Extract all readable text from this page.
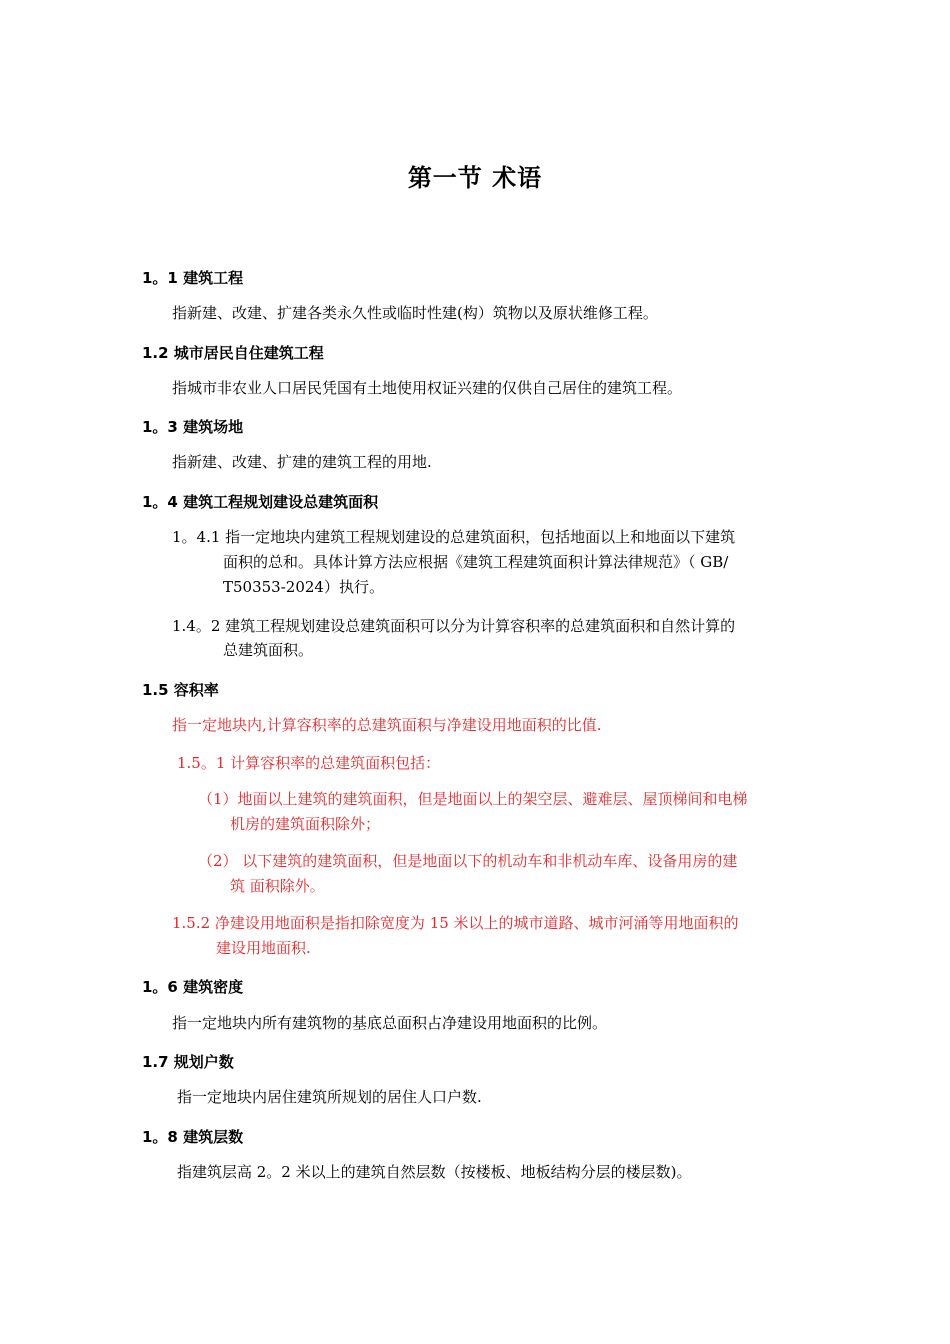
第一节 术语
1。1 建筑工程
指新建、改建、扩建各类永久性或临时性建(构）筑物以及原状维修工程。
1.2 城市居民自住建筑工程
指城市非农业人口居民凭国有土地使用权证兴建的仅供自己居住的建筑工程。
1。3 建筑场地
指新建、改建、扩建的建筑工程的用地.
1。4 建筑工程规划建设总建筑面积
1。4.1 指一定地块内建筑工程规划建设的总建筑面积，包括地面以上和地面以下建筑
面积的总和。具体计算方法应根据《建筑工程建筑面积计算法律规范》（ GB/
T50353-2024）执行。
1.4。2 建筑工程规划建设总建筑面积可以分为计算容积率的总建筑面积和自然计算的
总建筑面积。
1.5 容积率
指一定地块内,计算容积率的总建筑面积与净建设用地面积的比值.
1.5。1 计算容积率的总建筑面积包括：
（1）地面以上建筑的建筑面积，但是地面以上的架空层、避难层、屋顶梯间和电梯
机房的建筑面积除外；
（2） 以下建筑的建筑面积，但是地面以下的机动车和非机动车库、设备用房的建
筑 面积除外。
1.5.2 净建设用地面积是指扣除宽度为 15 米以上的城市道路、城市河涌等用地面积的
建设用地面积.
1。6 建筑密度
指一定地块内所有建筑物的基底总面积占净建设用地面积的比例。
1.7 规划户数
指一定地块内居住建筑所规划的居住人口户数.
1。8 建筑层数
指建筑层高 2。2 米以上的建筑自然层数（按楼板、地板结构分层的楼层数)。
